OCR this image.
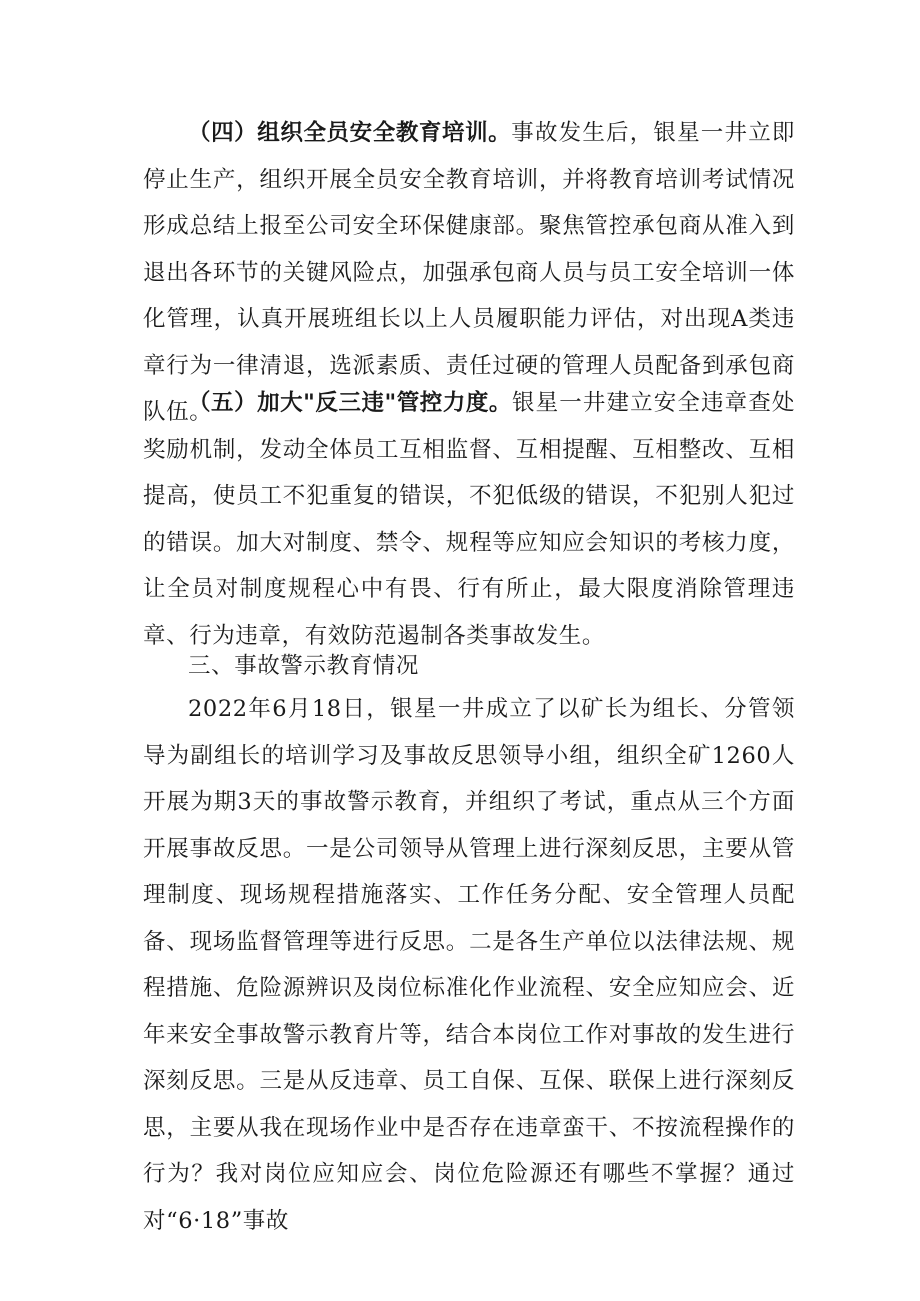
（四）组织全员安全教育培训。事故发生后，银星一井立即停止生产，组织开展全员安全教育培训，并将教育培训考试情况形成总结上报至公司安全环保健康部。聚焦管控承包商从准入到退出各环节的关键风险点，加强承包商人员与员工安全培训一体化管理，认真开展班组长以上人员履职能力评估，对出现A类违章行为一律清退，选派素质、责任过硬的管理人员配备到承包商队伍。

（五）加大"反三违"管控力度。银星一井建立安全违章查处奖励机制，发动全体员工互相监督、互相提醒、互相整改、互相提高，使员工不犯重复的错误，不犯低级的错误，不犯别人犯过的错误。加大对制度、禁令、规程等应知应会知识的考核力度，让全员对制度规程心中有畏、行有所止，最大限度消除管理违章、行为违章，有效防范遏制各类事故发生。

三、事故警示教育情况

2022年6月18日，银星一井成立了以矿长为组长、分管领导为副组长的培训学习及事故反思领导小组，组织全矿1260人开展为期3天的事故警示教育，并组织了考试，重点从三个方面开展事故反思。一是公司领导从管理上进行深刻反思，主要从管理制度、现场规程措施落实、工作任务分配、安全管理人员配备、现场监督管理等进行反思。二是各生产单位以法律法规、规程措施、危险源辨识及岗位标准化作业流程、安全应知应会、近年来安全事故警示教育片等，结合本岗位工作对事故的发生进行深刻反思。三是从反违章、员工自保、互保、联保上进行深刻反思，主要从我在现场作业中是否存在违章蛮干、不按流程操作的行为？我对岗位应知应会、岗位危险源还有哪些不掌握？通过对“6·18”事故
